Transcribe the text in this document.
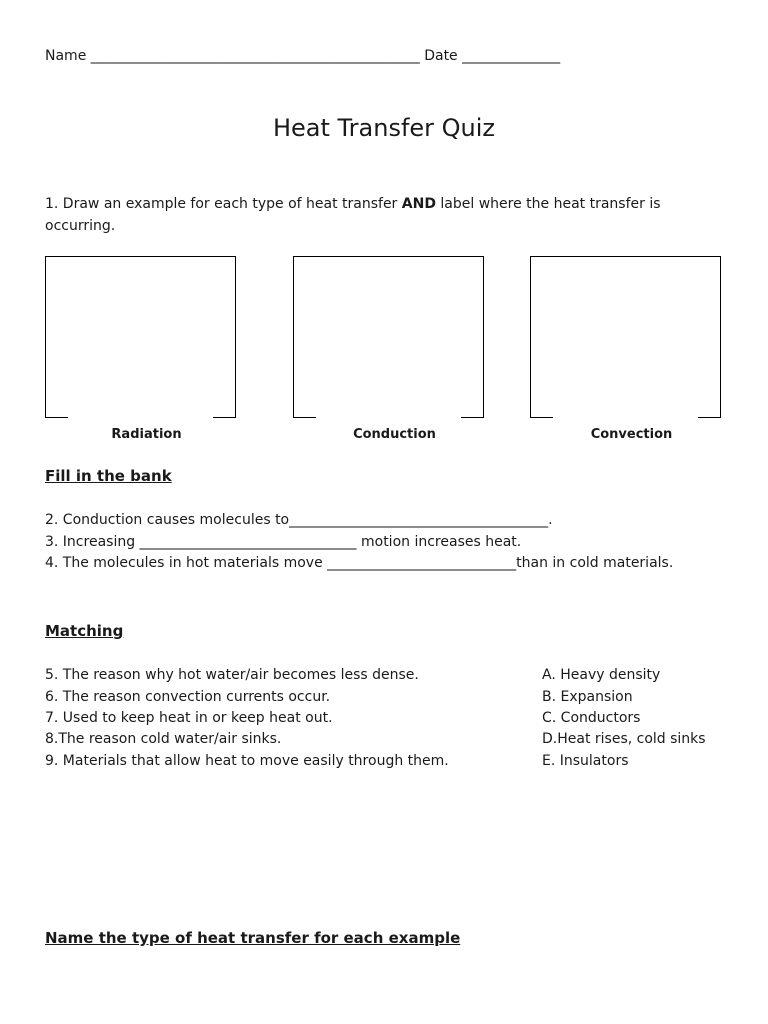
Name _______________________________________________ Date ______________
Heat Transfer Quiz
1. Draw an example for each type of heat transfer AND label where the heat transfer is occurring.
Radiation	Conduction	Convection
Fill in the bank
2. Conduction causes molecules to_____________________________________.
3. Increasing _______________________________ motion increases heat.
4. The molecules in hot materials move ___________________________than in cold materials.
Matching
5. The reason why hot water/air becomes less dense.
6. The reason convection currents occur.
7. Used to keep heat in or keep heat out.
8.The reason cold water/air sinks.
9. Materials that allow heat to move easily through them.
A. Heavy density
B. Expansion
C. Conductors
D.Heat rises, cold sinks
E. Insulators
Name the type of heat transfer for each example
